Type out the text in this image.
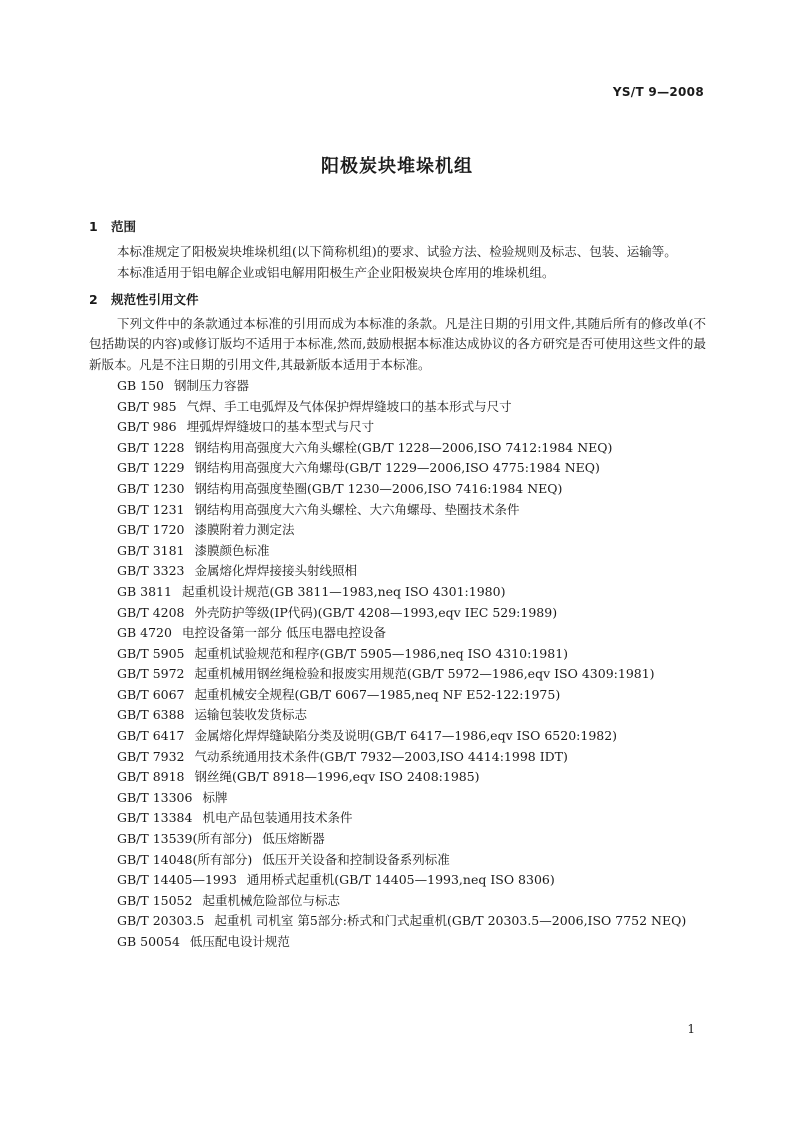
YS/T 9—2008
阳极炭块堆垛机组
1 范围

本标准规定了阳极炭块堆垛机组(以下简称机组)的要求、试验方法、检验规则及标志、包装、运输等。

本标准适用于铝电解企业或铝电解用阳极生产企业阳极炭块仓库用的堆垛机组。

2 规范性引用文件

下列文件中的条款通过本标准的引用而成为本标准的条款。凡是注日期的引用文件,其随后所有的修改单(不包括勘误的内容)或修订版均不适用于本标准,然而,鼓励根据本标准达成协议的各方研究是否可使用这些文件的最新版本。凡是不注日期的引用文件,其最新版本适用于本标准。

GB 150 钢制压力容器
GB/T 985 气焊、手工电弧焊及气体保护焊焊缝坡口的基本形式与尺寸
GB/T 986 埋弧焊焊缝坡口的基本型式与尺寸
GB/T 1228 钢结构用高强度大六角头螺栓(GB/T 1228—2006,ISO 7412:1984 NEQ)
GB/T 1229 钢结构用高强度大六角螺母(GB/T 1229—2006,ISO 4775:1984 NEQ)
GB/T 1230 钢结构用高强度垫圈(GB/T 1230—2006,ISO 7416:1984 NEQ)
GB/T 1231 钢结构用高强度大六角头螺栓、大六角螺母、垫圈技术条件
GB/T 1720 漆膜附着力测定法
GB/T 3181 漆膜颜色标准
GB/T 3323 金属熔化焊焊接接头射线照相
GB 3811 起重机设计规范(GB 3811—1983,neq ISO 4301:1980)
GB/T 4208 外壳防护等级(IP代码)(GB/T 4208—1993,eqv IEC 529:1989)
GB 4720 电控设备第一部分 低压电器电控设备
GB/T 5905 起重机试验规范和程序(GB/T 5905—1986,neq ISO 4310:1981)
GB/T 5972 起重机械用钢丝绳检验和报废实用规范(GB/T 5972—1986,eqv ISO 4309:1981)
GB/T 6067 起重机械安全规程(GB/T 6067—1985,neq NF E52-122:1975)
GB/T 6388 运输包装收发货标志
GB/T 6417 金属熔化焊焊缝缺陷分类及说明(GB/T 6417—1986,eqv ISO 6520:1982)
GB/T 7932 气动系统通用技术条件(GB/T 7932—2003,ISO 4414:1998 IDT)
GB/T 8918 钢丝绳(GB/T 8918—1996,eqv ISO 2408:1985)
GB/T 13306 标牌
GB/T 13384 机电产品包装通用技术条件
GB/T 13539(所有部分) 低压熔断器
GB/T 14048(所有部分) 低压开关设备和控制设备系列标准
GB/T 14405—1993 通用桥式起重机(GB/T 14405—1993,neq ISO 8306)
GB/T 15052 起重机械危险部位与标志
GB/T 20303.5 起重机 司机室 第5部分:桥式和门式起重机(GB/T 20303.5—2006,ISO 7752 NEQ)
GB 50054 低压配电设计规范
1
